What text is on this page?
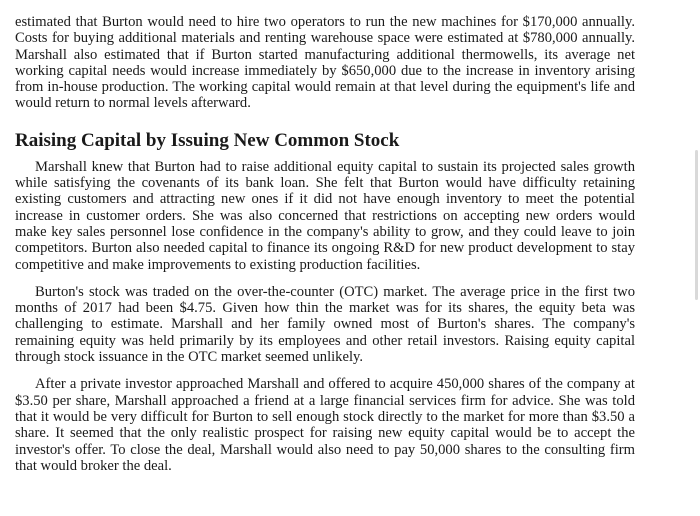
estimated that Burton would need to hire two operators to run the new machines for $170,000 annually. Costs for buying additional materials and renting warehouse space were estimated at $780,000 annually. Marshall also estimated that if Burton started manufacturing additional thermowells, its average net working capital needs would increase immediately by $650,000 due to the increase in inventory arising from in-house production. The working capital would remain at that level during the equipment's life and would return to normal levels afterward.

Raising Capital by Issuing New Common Stock

Marshall knew that Burton had to raise additional equity capital to sustain its projected sales growth while satisfying the covenants of its bank loan. She felt that Burton would have difficulty retaining existing customers and attracting new ones if it did not have enough inventory to meet the potential increase in customer orders. She was also concerned that restrictions on accepting new orders would make key sales personnel lose confidence in the company's ability to grow, and they could leave to join competitors. Burton also needed capital to finance its ongoing R&D for new product development to stay competitive and make improvements to existing production facilities.

Burton's stock was traded on the over-the-counter (OTC) market. The average price in the first two months of 2017 had been $4.75. Given how thin the market was for its shares, the equity beta was challenging to estimate. Marshall and her family owned most of Burton's shares. The company's remaining equity was held primarily by its employees and other retail investors. Raising equity capital through stock issuance in the OTC market seemed unlikely.

After a private investor approached Marshall and offered to acquire 450,000 shares of the company at $3.50 per share, Marshall approached a friend at a large financial services firm for advice. She was told that it would be very difficult for Burton to sell enough stock directly to the market for more than $3.50 a share. It seemed that the only realistic prospect for raising new equity capital would be to accept the investor's offer. To close the deal, Marshall would also need to pay 50,000 shares to the consulting firm that would broker the deal.
